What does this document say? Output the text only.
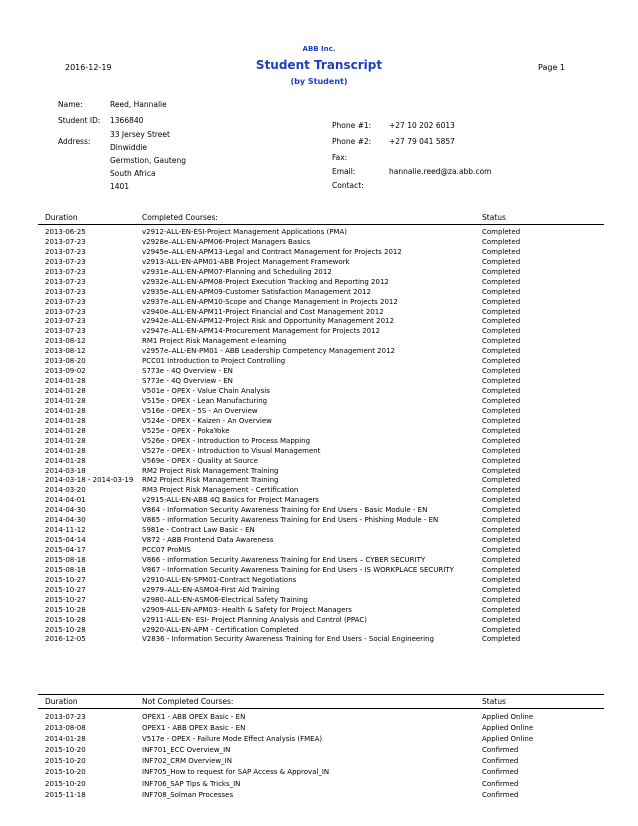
ABB Inc.
2016-12-19	Student Transcript	Page 1
(by Student)
Name:	Reed, Hannalie
Student ID: 1366840
Address:
33 Jersey Street
Dinwiddie
Germstion, Gauteng
South Africa
1401
Phone #1: +27 10 202 6013
Phone #2: +27 79 041 5857
Fax:
Email:	hannalie.reed@za.abb.com
Contact:
Duration	Completed Courses:	Status
2013-06-25	v2912-ALL-EN-ESI-Project Management Applications (PMA)	Completed
2013-07-23	v2928e–ALL-EN-APM06-Project Managers Basics	Completed
2013-07-23	v2945e–ALL-EN-APM13-Legal and Contract Management for Projects 2012	Completed
2013-07-23	v2913-ALL-EN-APM01-ABB Project Management Framework	Completed
2013-07-23	v2931e–ALL-EN-APM07-Planning and Scheduling 2012	Completed
2013-07-23	v2932e–ALL-EN-APM08-Project Execution Tracking and Reporting 2012	Completed
2013-07-23	v2935e–ALL-EN-APM09-Customer Satisfaction Management 2012	Completed
2013-07-23	v2937e–ALL-EN-APM10-Scope and Change Management in Projects 2012	Completed
2013-07-23	v2940e–ALL-EN-APM11-Project Financial and Cost Management 2012	Completed
2013-07-23	v2942e–ALL-EN-APM12-Project Risk and Opportunity Management 2012	Completed
2013-07-23	v2947e–ALL-EN-APM14-Procurement Management for Projects 2012	Completed
2013-08-12	RM1 Project Risk Management e-learning	Completed
2013-08-12	v2957e–ALL-EN-PM01 - ABB Leadership Competency Management 2012	Completed
2013-08-20	PCC01 Introduction to Project Controlling	Completed
2013-09-02	S773e - 4Q Overview - EN	Completed
2014-01-28	S773e - 4Q Overview - EN	Completed
2014-01-28	V501e - OPEX - Value Chain Analysis	Completed
2014-01-28	V515e - OPEX - Lean Manufacturing	Completed
2014-01-28	V516e - OPEX - 5S - An Overview	Completed
2014-01-28	V524e - OPEX - Kaizen - An Overview	Completed
2014-01-28	V525e - OPEX - PokaYoke	Completed
2014-01-28	V526e - OPEX - Introduction to Process Mapping	Completed
2014-01-28	V527e - OPEX - Introduction to Visual Management	Completed
2014-01-28	V569e - OPEX - Quality at Source	Completed
2014-03-18	RM2 Project Risk Management Training	Completed
2014-03-18 - 2014-03-19	RM2 Project Risk Management Training	Completed
2014-03-20	RM3 Project Risk Management - Certification	Completed
2014-04-01	v2915-ALL-EN-ABB 4Q Basics for Project Managers	Completed
2014-04-30	V864 - Information Security Awareness Training for End Users - Basic Module - EN	Completed
2014-04-30	V865 - Information Security Awareness Training for End Users - Phishing Module - EN	Completed
2014-11-12	S981e - Contract Law Basic - EN	Completed
2015-04-14	V872 - ABB Frontend Data Awareness	Completed
2015-04-17	PCC07 ProMIS	Completed
2015-08-18	V866 - Information Security Awareness Training for End Users – CYBER SECURITY	Completed
2015-08-18	V867 - Information Security Awareness Training for End Users - IS WORKPLACE SECURITY	Completed
2015-10-27	v2910-ALL-EN-SPM01-Contract Negotiations	Completed
2015-10-27	v2979–ALL-EN-ASM04-First Aid Training	Completed
2015-10-27	v2980–ALL-EN-ASM06-Electrical Safety Training	Completed
2015-10-28	v2909-ALL-EN-APM03- Health & Safety for Project Managers	Completed
2015-10-28	v2911-ALL-EN- ESI- Project Planning Analysis and Control (PPAC)	Completed
2015-10-28	v2920-ALL-EN-APM - Certification Completed	Completed
2016-12-05	V2836 - Information Security Awareness Training for End Users - Social Engineering	Completed
Duration	Not Completed Courses:	Status
2013-07-23	OPEX1 - ABB OPEX Basic - EN	Applied Online
2013-08-08	OPEX1 - ABB OPEX Basic - EN	Applied Online
2014-01-28	V517e - OPEX - Failure Mode Effect Analysis (FMEA)	Applied Online
2015-10-20	INF701_ECC Overview_IN	Confirmed
2015-10-20	INF702_CRM Overview_IN	Confirmed
2015-10-20	INF705_How to request for SAP Access & Approval_IN	Confirmed
2015-10-20	INF706_SAP Tips & Tricks_IN	Confirmed
2015-11-18	INF708_Solman Processes	Confirmed
